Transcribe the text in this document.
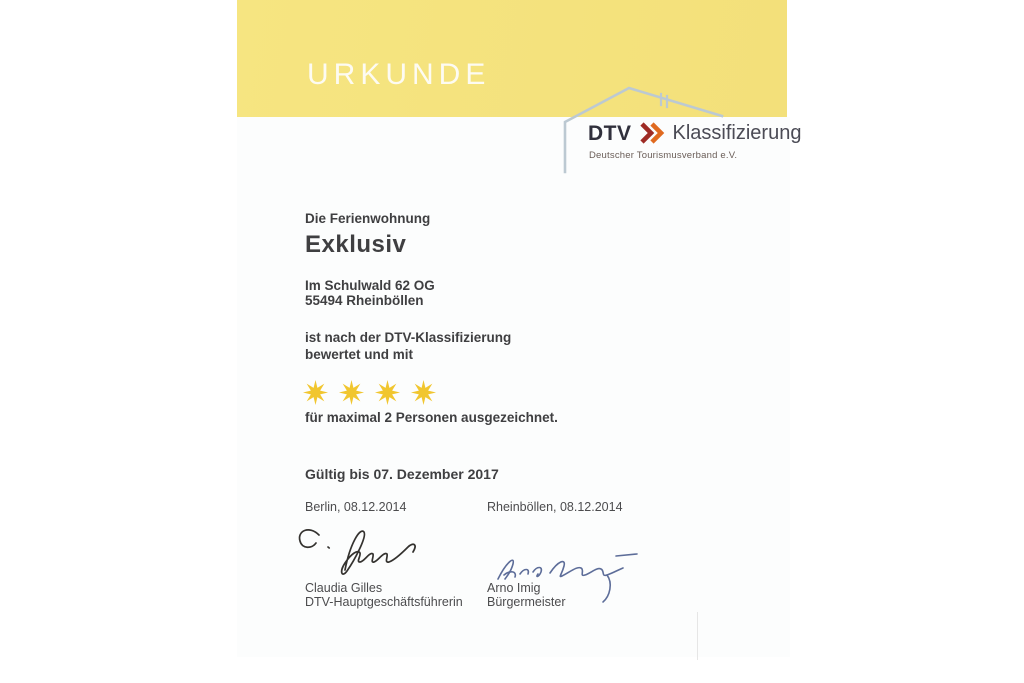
URKUNDE
DTV Klassifizierung
Deutscher Tourismusverband e.V.
Die Ferienwohnung
Exklusiv
Im Schulwald 62 OG
55494 Rheinböllen
ist nach der DTV-Klassifizierung
bewertet und mit
für maximal 2 Personen ausgezeichnet.
Gültig bis 07. Dezember 2017
Berlin, 08.12.2014	Rheinböllen, 08.12.2014
Claudia Gilles
DTV-Hauptgeschäftsführerin
Arno Imig
Bürgermeister
